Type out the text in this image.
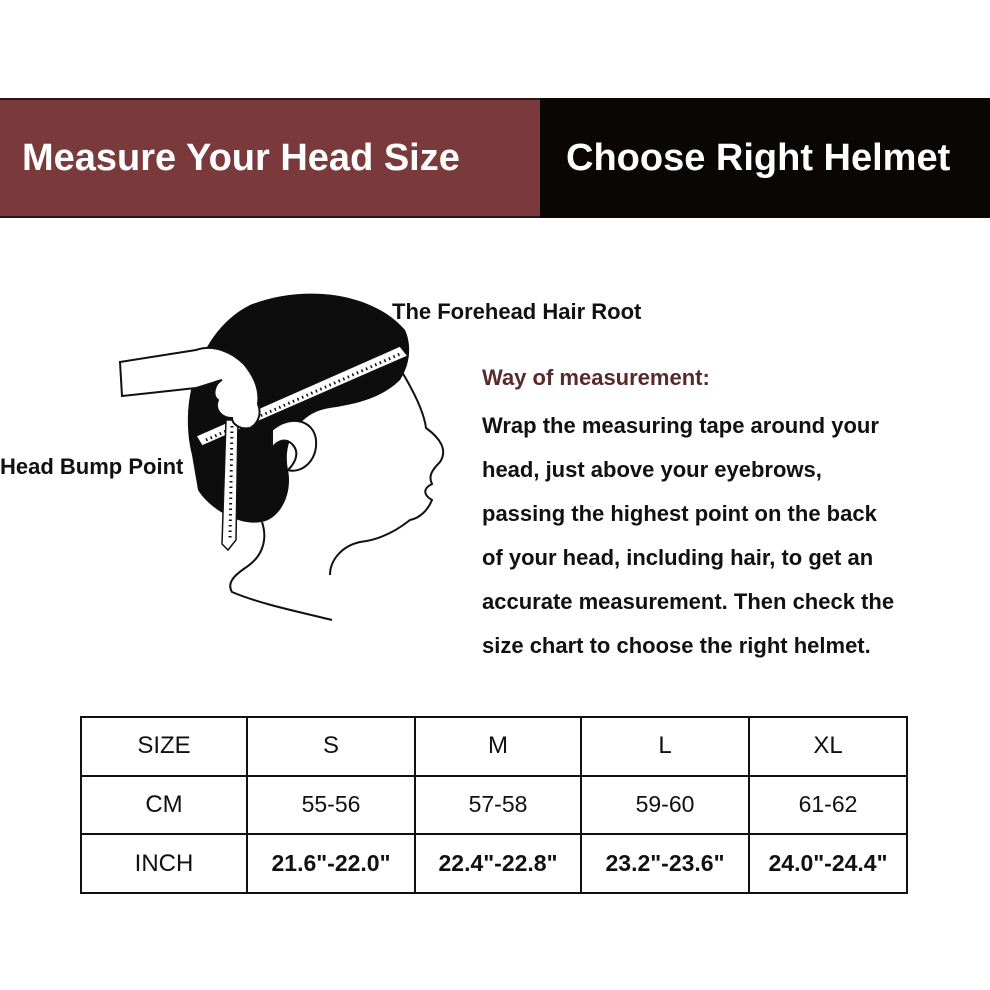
Measure Your Head Size	Choose Right Helmet
The Forehead Hair Root
Head Bump Point
Way of measurement:
Wrap the measuring tape around your
head, just above your eyebrows,
passing the highest point on the back
of your head, including hair, to get an
accurate measurement. Then check the
size chart to choose the right helmet.
SIZE	S	M	L	XL
CM	55-56	57-58	59-60	61-62
INCH	21.6"-22.0"	22.4"-22.8"	23.2"-23.6"	24.0"-24.4"
